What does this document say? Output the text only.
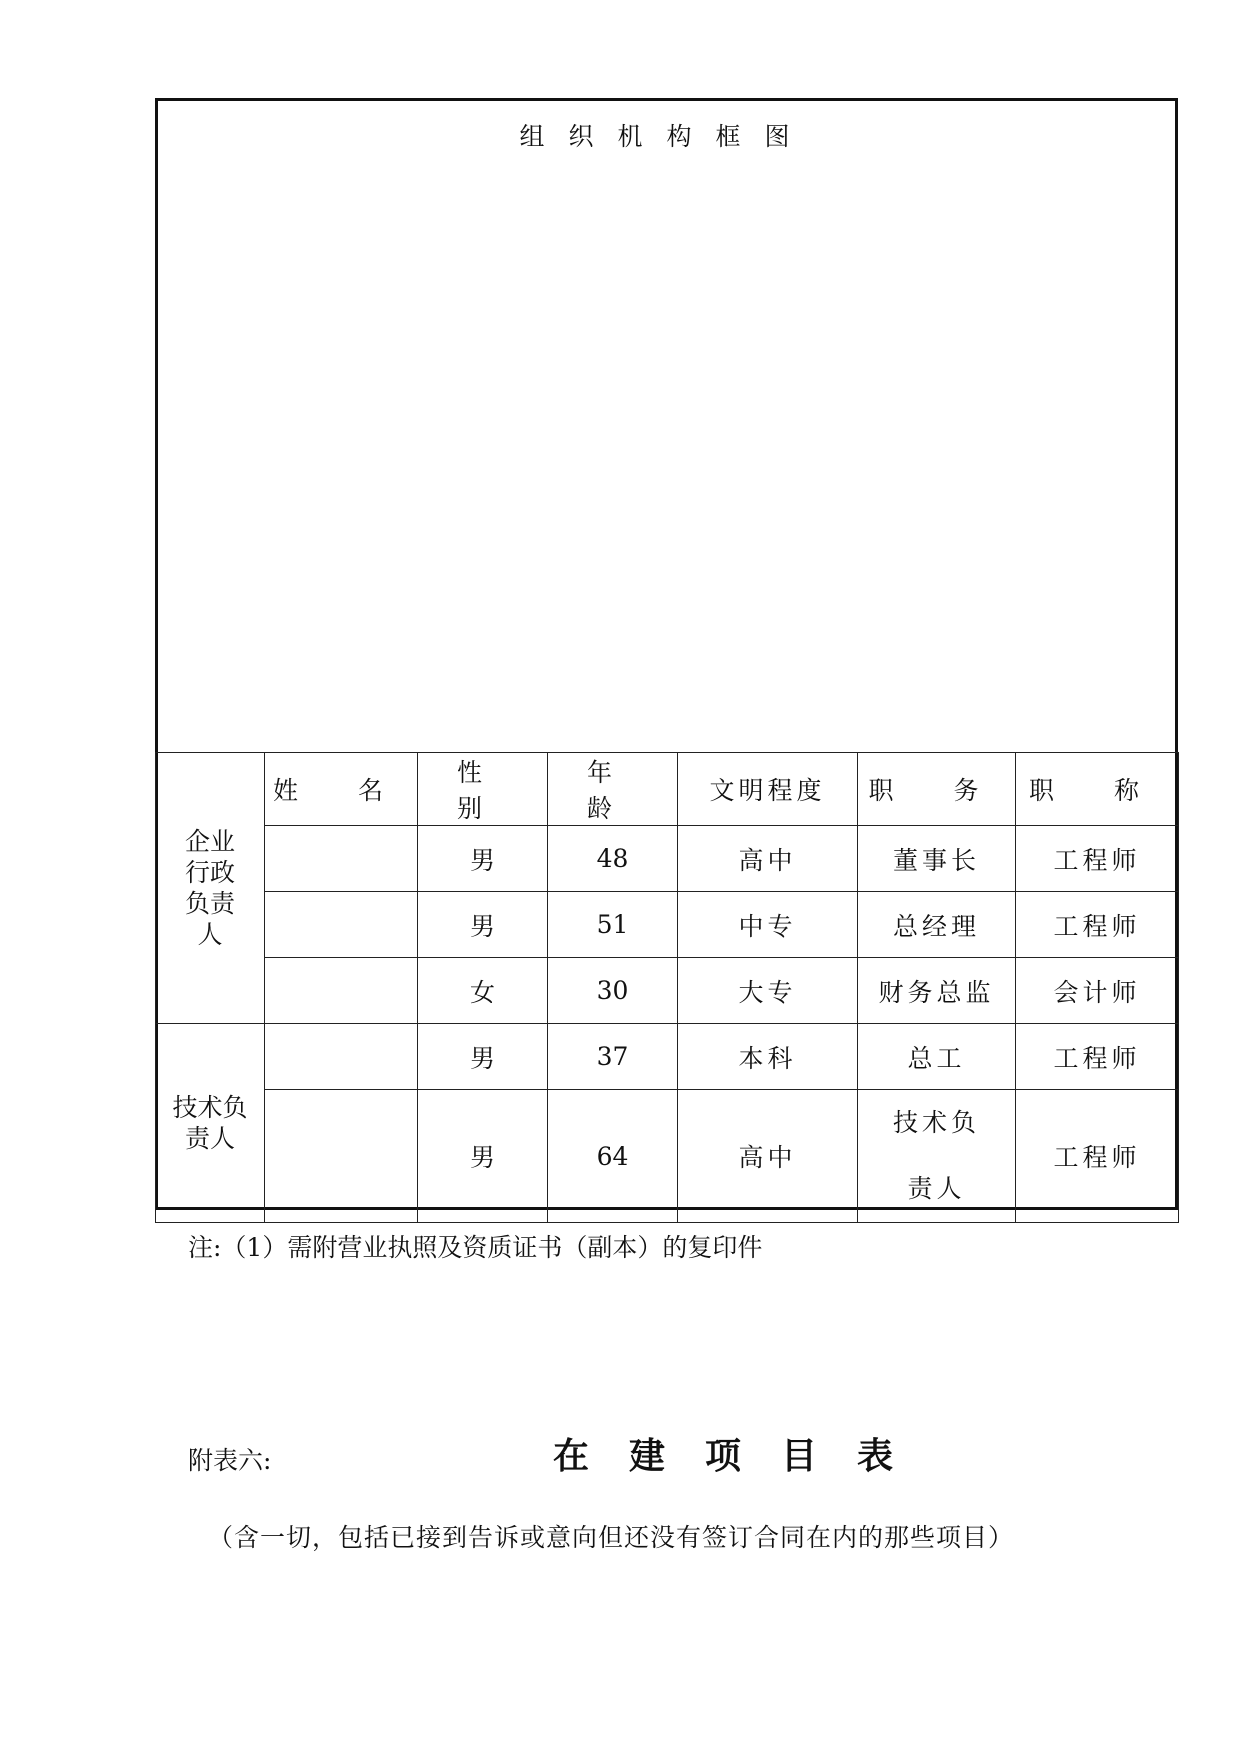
组织机构框图
企业行政负责人	姓 名	性 别	年 龄	文明程度	职 务	职 称
		男	48	高中	董事长	工程师
		男	51	中专	总经理	工程师
		女	30	大专	财务总监	会计师

技术负责人		男	37	本科	总工	工程师
		男	64	高中	技术负责人	工程师
注:（1）需附营业执照及资质证书（副本）的复印件
附表六:	在建项目表
（含一切，包括已接到告诉或意向但还没有签订合同在内的那些项目）
